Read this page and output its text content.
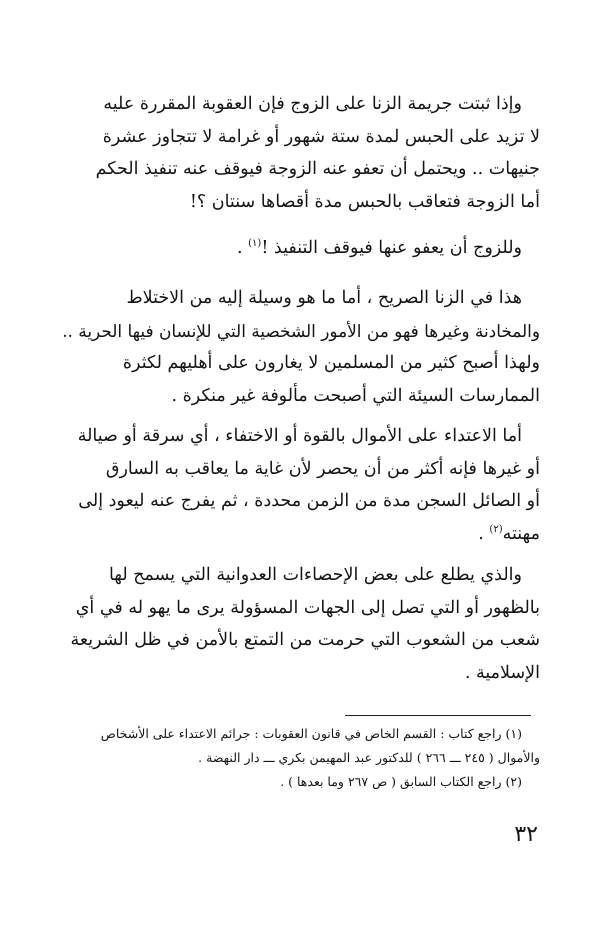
وإذا ثبتت جريمة الزنا على الزوج فإن العقوبة المقررة عليه
لا تزيد على الحبس لمدة ستة شهور أو غرامة لا تتجاوز عشرة
جنيهات .. ويحتمل أن تعفو عنه الزوجة فيوقف عنه تنفيذ الحكم
أما الزوجة فتعاقب بالحبس مدة أقصاها سنتان ؟!
وللزوج أن يعفو عنها فيوقف التنفيذ !$^{(١)}$ .
هذا في الزنا الصريح ، أما ما هو وسيلة إليه من الاختلاط
والمخادنة وغيرها فهو من الأمور الشخصية التي للإنسان فيها الحرية ..
ولهذا أصبح كثير من المسلمين لا يغارون على أهليهم لكثرة
الممارسات السيئة التي أصبحت مألوفة غير منكرة .
أما الاعتداء على الأموال بالقوة أو الاختفاء ، أي سرقة أو صيالة
أو غيرها فإنه أكثر من أن يحصر لأن غاية ما يعاقب به السارق
أو الصائل السجن مدة من الزمن محددة ، ثم يفرج عنه ليعود إلى
مهنته$^{(٢)}$ .
والذي يطلع على بعض الإحصاءات العدوانية التي يسمح لها
بالظهور أو التي تصل إلى الجهات المسؤولة يرى ما يهو له في أي
شعب من الشعوب التي حرمت من التمتع بالأمن في ظل الشريعة
الإسلامية .
(١) راجع كتاب : القسم الخاص في قانون العقوبات : جرائم الاعتداء على الأشخاص
والأموال ( ٢٤٥ ـــ ٢٦٦ ) للدكتور عبد المهيمن بكري ـــ دار النهضة .
(٢) راجع الكتاب السابق ( ص ٢٦٧ وما بعدها ) .
٣٢
